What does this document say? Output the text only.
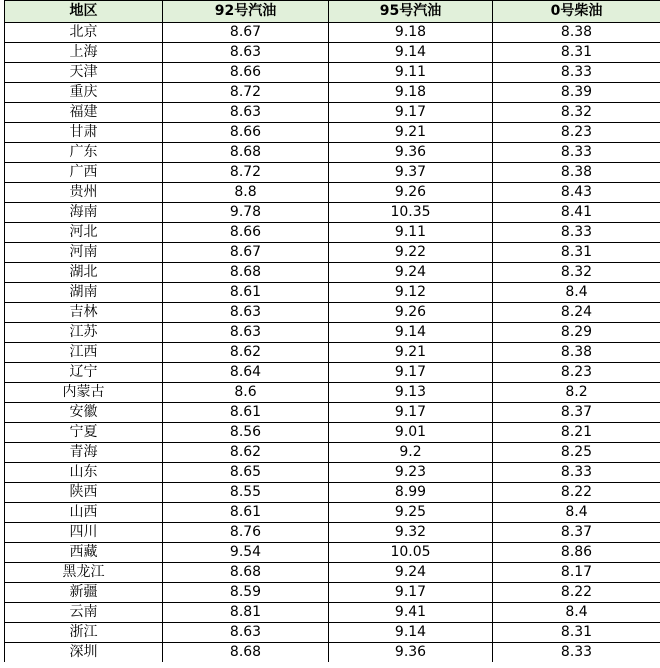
地区	92号汽油	95号汽油	0号柴油
北京	8.67	9.18	8.38
上海	8.63	9.14	8.31
天津	8.66	9.11	8.33
重庆	8.72	9.18	8.39
福建	8.63	9.17	8.32
甘肃	8.66	9.21	8.23
广东	8.68	9.36	8.33
广西	8.72	9.37	8.38
贵州	8.8	9.26	8.43
海南	9.78	10.35	8.41
河北	8.66	9.11	8.33
河南	8.67	9.22	8.31
湖北	8.68	9.24	8.32
湖南	8.61	9.12	8.4
吉林	8.63	9.26	8.24
江苏	8.63	9.14	8.29
江西	8.62	9.21	8.38
辽宁	8.64	9.17	8.23
内蒙古	8.6	9.13	8.2
安徽	8.61	9.17	8.37
宁夏	8.56	9.01	8.21
青海	8.62	9.2	8.25
山东	8.65	9.23	8.33
陕西	8.55	8.99	8.22
山西	8.61	9.25	8.4
四川	8.76	9.32	8.37
西藏	9.54	10.05	8.86
黑龙江	8.68	9.24	8.17
新疆	8.59	9.17	8.22
云南	8.81	9.41	8.4
浙江	8.63	9.14	8.31
深圳	8.68	9.36	8.33
